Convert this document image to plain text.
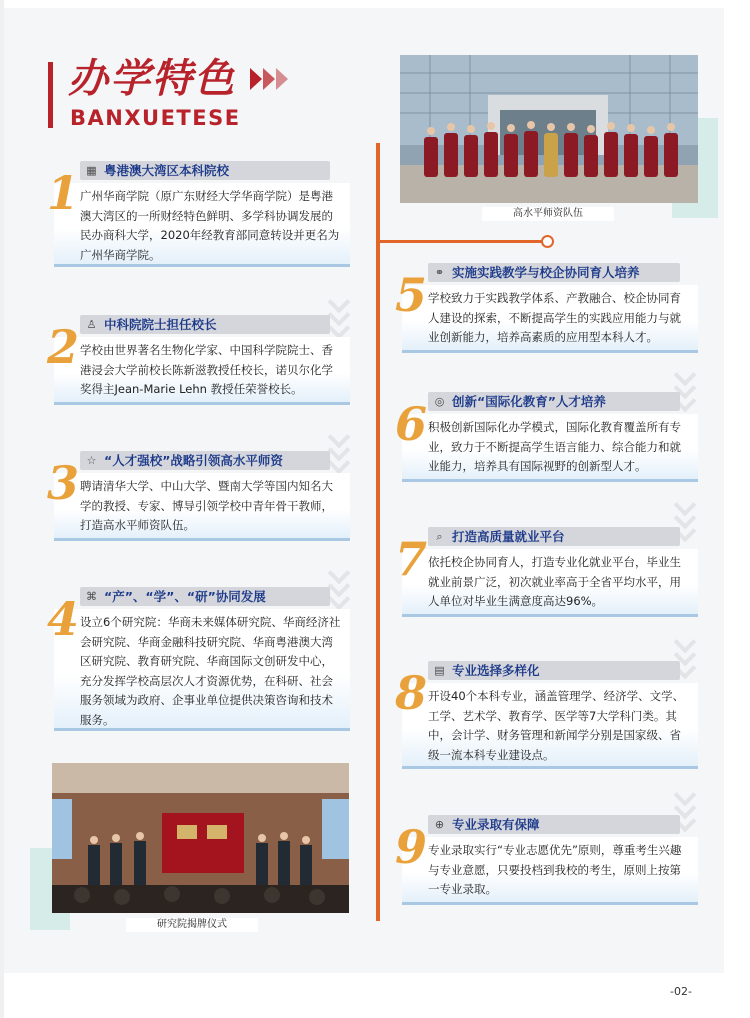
办学特色
BANXUETESE
高水平师资队伍
研究院揭牌仪式
▦ 粤港澳大湾区本科院校

广州华商学院（原广东财经大学华商学院）是粤港澳大湾区的一所财经特色鲜明、多学科协调发展的民办商科大学，2020年经教育部同意转设并更名为广州华商学院。

1
♙ 中科院院士担任校长

学校由世界著名生物化学家、中国科学院院士、香港浸会大学前校长陈新滋教授任校长，诺贝尔化学奖得主Jean-Marie Lehn 教授任荣誉校长。

2
☆ “人才强校”战略引领高水平师资

聘请清华大学、中山大学、暨南大学等国内知名大学的教授、专家、博导引领学校中青年骨干教师，打造高水平师资队伍。

3
⌘ “产”、“学”、“研”协同发展

设立6个研究院：华商未来媒体研究院、华商经济社会研究院、华商金融科技研究院、华商粤港澳大湾区研究院、教育研究院、华商国际文创研发中心，充分发挥学校高层次人才资源优势，在科研、社会服务领域为政府、企事业单位提供决策咨询和技术服务。

4
⚭ 实施实践教学与校企协同育人培养

学校致力于实践教学体系、产教融合、校企协同育人建设的探索，不断提高学生的实践应用能力与就业创新能力，培养高素质的应用型本科人才。

5
◎ 创新“国际化教育”人才培养

积极创新国际化办学模式，国际化教育覆盖所有专业，致力于不断提高学生语言能力、综合能力和就业能力，培养具有国际视野的创新型人才。

6
⌕ 打造高质量就业平台

依托校企协同育人，打造专业化就业平台，毕业生就业前景广泛，初次就业率高于全省平均水平，用人单位对毕业生满意度高达96%。

7
▤ 专业选择多样化

开设40个本科专业，涵盖管理学、经济学、文学、工学、艺术学、教育学、医学等7大学科门类。其中，会计学、财务管理和新闻学分别是国家级、省级一流本科专业建设点。

8
⊕ 专业录取有保障

专业录取实行“专业志愿优先”原则，尊重考生兴趣与专业意愿，只要投档到我校的考生，原则上按第一专业录取。

9
-02-
